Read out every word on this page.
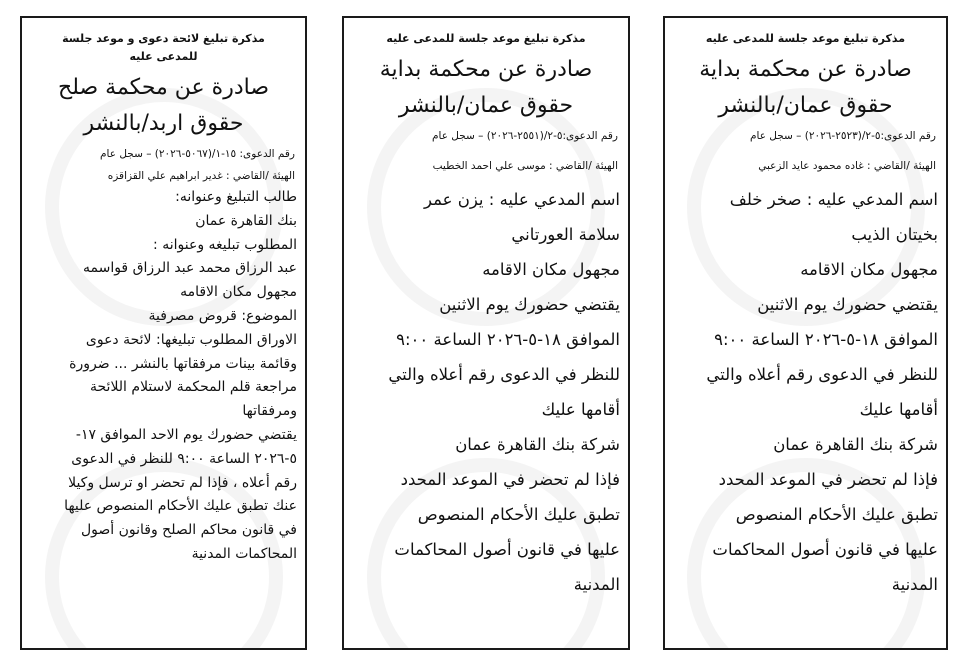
مذكرة تبليغ موعد جلسة للمدعى عليه
صادرة عن محكمة بداية
حقوق عمان/بالنشر
رقم الدعوى:٥-٢/(٢٥٢٣-٢٠٢٦) – سجل عام
الهيئة /القاضي : غاده محمود عايد الزعبي
اسم المدعي عليه : صخر خلف
بخيتان الذيب
مجهول مكان الاقامه
يقتضي حضورك يوم الاثنين
الموافق ١٨-٥-٢٠٢٦ الساعة ٩:٠٠
للنظر في الدعوى رقم أعلاه والتي
أقامها عليك
شركة بنك القاهرة عمان
فإذا لم تحضر في الموعد المحدد
تطبق عليك الأحكام المنصوص
عليها في قانون أصول المحاكمات
المدنية
مذكرة تبليغ موعد جلسة للمدعى عليه
صادرة عن محكمة بداية
حقوق عمان/بالنشر
رقم الدعوى:٥-٢/(٢٥٥١-٢٠٢٦) – سجل عام
الهيئة /القاضي : موسى علي احمد الخطيب
اسم المدعي عليه : يزن عمر
سلامة العورتاني
مجهول مكان الاقامه
يقتضي حضورك يوم الاثنين
الموافق ١٨-٥-٢٠٢٦ الساعة ٩:٠٠
للنظر في الدعوى رقم أعلاه والتي
أقامها عليك
شركة بنك القاهرة عمان
فإذا لم تحضر في الموعد المحدد
تطبق عليك الأحكام المنصوص
عليها في قانون أصول المحاكمات
المدنية
مذكرة تبليغ لائحة دعوى و موعد جلسة
للمدعى عليه
صادرة عن محكمة صلح
حقوق اربد/بالنشر
رقم الدعوى: ١٥-١/(٥٠٦٧-٢٠٢٦) – سجل عام
الهيئة /القاضي : غدير ابراهيم علي القزاقزه
طالب التبليغ وعنوانه:
بنك القاهرة عمان
المطلوب تبليغه وعنوانه :
عبد الرزاق محمد عبد الرزاق قواسمه
مجهول مكان الاقامه
الموضوع: قروض مصرفية
الاوراق المطلوب تبليغها: لائحة دعوى
وقائمة بينات مرفقاتها بالنشر ... ضرورة
مراجعة قلم المحكمة لاستلام اللائحة
ومرفقاتها
يقتضي حضورك يوم الاحد الموافق ١٧-
٥-٢٠٢٦ الساعة ٩:٠٠ للنظر في الدعوى
رقم أعلاه ، فإذا لم تحضر او ترسل وكيلا
عنك تطبق عليك الأحكام المنصوص عليها
في قانون محاكم الصلح وقانون أصول
المحاكمات المدنية
